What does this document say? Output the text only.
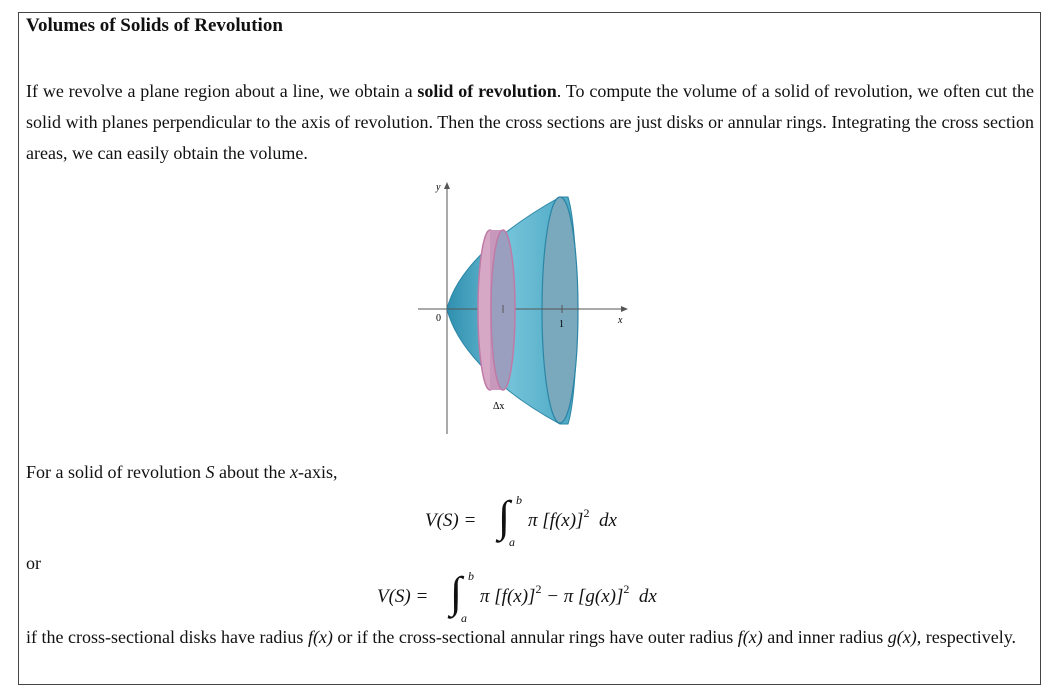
Volumes of Solids of Revolution
If we revolve a plane region about a line, we obtain a solid of revolution. To compute the volume of a solid of revolution, we often cut the solid with planes perpendicular to the axis of revolution. Then the cross sections are just disks or annular rings. Integrating the cross section areas, we can easily obtain the volume.
y
x
0
1
Δx
For a solid of revolution S about the x-axis,
V(S) = ∫ b
a
π $[f(x)]^2$ dx
or
V(S) = ∫ b
a
π $[f(x)]^2 - \pi$ $[g(x)]^2$ dx
if the cross-sectional disks have radius f(x) or if the cross-sectional annular rings have outer radius f(x) and inner radius g(x), respectively.
